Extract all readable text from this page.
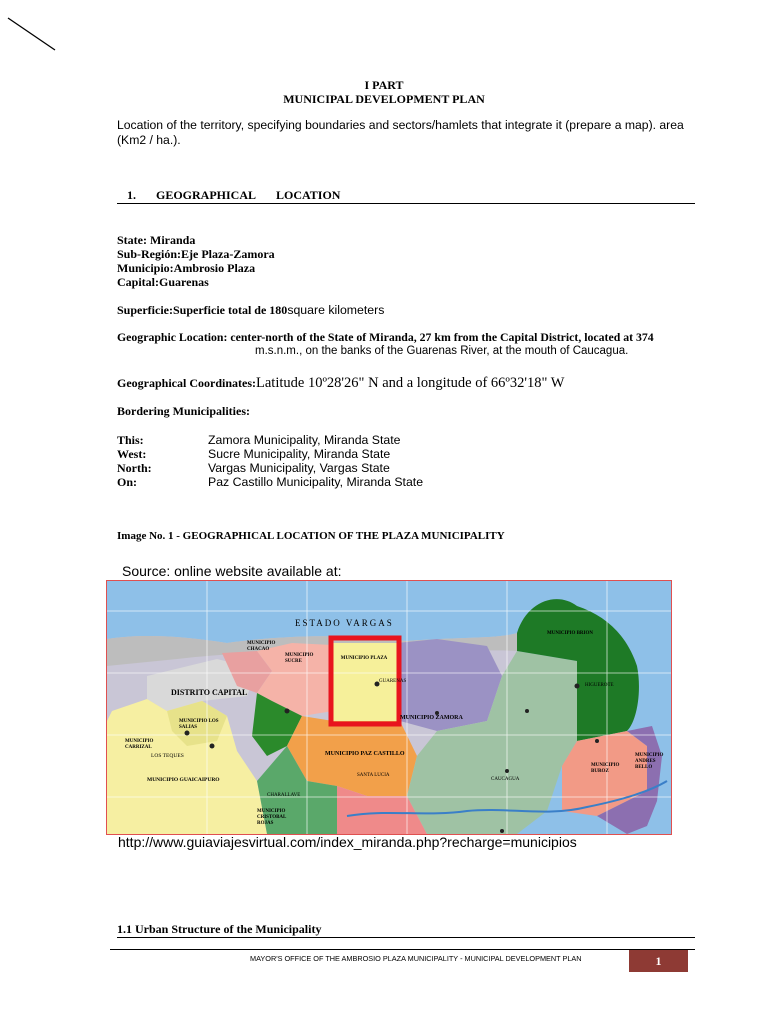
I PART
MUNICIPAL DEVELOPMENT PLAN
Location of the territory, specifying boundaries and sectors/hamlets that integrate it (prepare a map). area (Km2 / ha.).
1.    GEOGRAPHICAL    LOCATION
State: Miranda
Sub-Región:Eje Plaza-Zamora
Municipio:Ambrosio Plaza
Capital:Guarenas
Superficie:Superficie total de 180square kilometers
Geographic Location: center-north of the State of Miranda, 27 km from the Capital District, located at 374
m.s.n.m., on the banks of the Guarenas River, at the mouth of Caucagua.
Geographical Coordinates:Latitude 10º28'26" N and a longitude of 66º32'18" W
Bordering Municipalities:
This:	Zamora Municipality, Miranda State
West:	Sucre Municipality, Miranda State
North:	Vargas Municipality, Vargas State
On:	Paz Castillo Municipality, Miranda State
Image No. 1 - GEOGRAPHICAL LOCATION OF THE PLAZA MUNICIPALITY
Source: online website available at:
ESTADO VARGAS
DISTRITO CAPITAL
MUNICIPIO PLAZA
MUNICIPIO SUCRE
MUNICIPIO CHACAO
MUNICIPIO ZAMORA
MUNICIPIO PAZ CASTILLO
MUNICIPIO BRION
MUNICIPIO BUROZ
MUNICIPIO ANDRES BELLO
MUNICIPIO GUAICAIPURO
MUNICIPIO CRISTOBAL ROJAS
MUNICIPIO LOS SALIAS
MUNICIPIO CARRIZAL
GUARENAS
LOS TEQUES
HIGUEROTE
CAUCAGUA
CHARALLAVE
SANTA LUCIA
http://www.guiaviajesvirtual.com/index_miranda.php?recharge=municipios
1.1 Urban Structure of the Municipality
MAYOR'S OFFICE OF THE AMBROSIO PLAZA MUNICIPALITY - MUNICIPAL DEVELOPMENT PLAN	1
